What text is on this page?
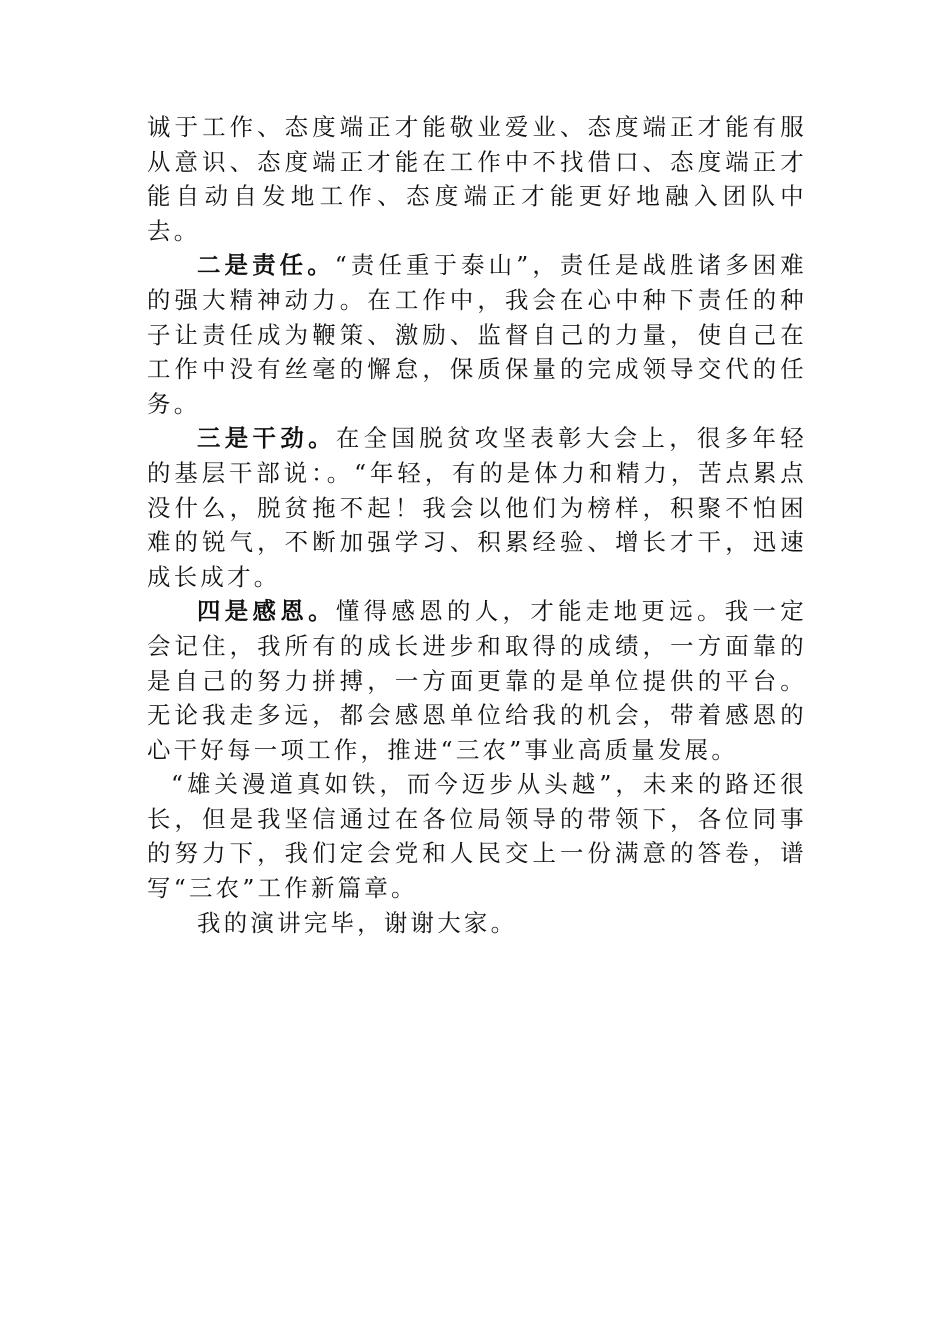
诚于工作、态度端正才能敬业爱业、态度端正才能有服从意识、态度端正才能在工作中不找借口、态度端正才能自动自发地工作、态度端正才能更好地融入团队中去。

二是责任。“责任重于泰山”，责任是战胜诸多困难的强大精神动力。在工作中，我会在心中种下责任的种子让责任成为鞭策、激励、监督自己的力量，使自己在工作中没有丝毫的懈怠，保质保量的完成领导交代的任务。

三是干劲。在全国脱贫攻坚表彰大会上，很多年轻的基层干部说：。“年轻，有的是体力和精力，苦点累点没什么，脱贫拖不起！我会以他们为榜样，积聚不怕困难的锐气，不断加强学习、积累经验、增长才干，迅速成长成才。

四是感恩。懂得感恩的人，才能走地更远。我一定会记住，我所有的成长进步和取得的成绩，一方面靠的是自己的努力拼搏，一方面更靠的是单位提供的平台。无论我走多远，都会感恩单位给我的机会，带着感恩的心干好每一项工作，推进“三农”事业高质量发展。

“雄关漫道真如铁，而今迈步从头越”，未来的路还很长，但是我坚信通过在各位局领导的带领下，各位同事的努力下，我们定会党和人民交上一份满意的答卷，谱写“三农”工作新篇章。

我的演讲完毕，谢谢大家。
